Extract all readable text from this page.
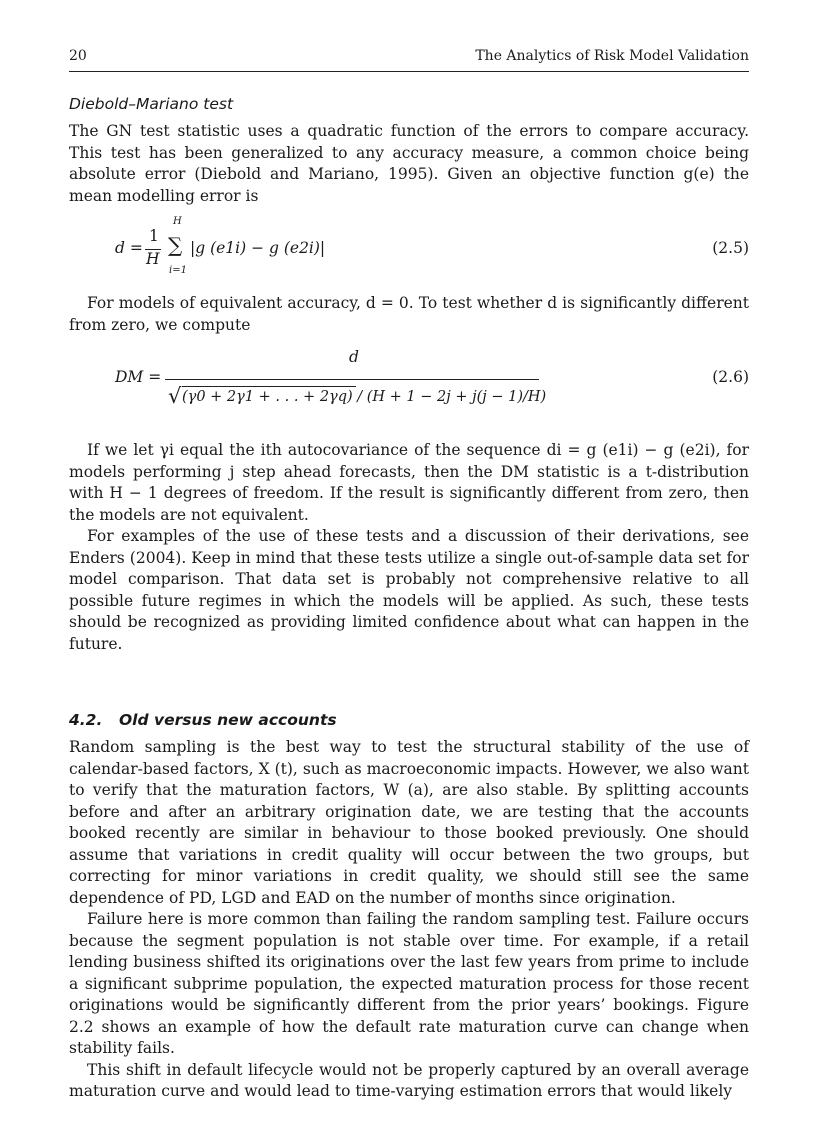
20	The Analytics of Risk Model Validation
Diebold–Mariano test

The GN test statistic uses a quadratic function of the errors to compare accuracy. This test has been generalized to any accuracy measure, a common choice being absolute error (Diebold and Mariano, 1995). Given an objective function g(e) the mean modelling error is

d =
1
H
H
∑
i=1
|g (e1i) − g (e2i)|	(2.5)

For models of equivalent accuracy, d = 0. To test whether d is significantly different from zero, we compute

DM =
d
√ (γ0 + 2γ1 + . . . + 2γq) / (H + 1 − 2j + j(j − 1)/H)
(2.6)

If we let γi equal the ith autocovariance of the sequence di = g (e1i) − g (e2i), for models performing j step ahead forecasts, then the DM statistic is a t-distribution with H − 1 degrees of freedom. If the result is significantly different from zero, then the models are not equivalent.

For examples of the use of these tests and a discussion of their derivations, see Enders (2004). Keep in mind that these tests utilize a single out-of-sample data set for model comparison. That data set is probably not comprehensive relative to all possible future regimes in which the models will be applied. As such, these tests should be recognized as providing limited confidence about what can happen in the future.

4.2. Old versus new accounts

Random sampling is the best way to test the structural stability of the use of calendar-based factors, X (t), such as macroeconomic impacts. However, we also want to verify that the maturation factors, W (a), are also stable. By splitting accounts before and after an arbitrary origination date, we are testing that the accounts booked recently are similar in behaviour to those booked previously. One should assume that variations in credit quality will occur between the two groups, but correcting for minor variations in credit quality, we should still see the same dependence of PD, LGD and EAD on the number of months since origination.

Failure here is more common than failing the random sampling test. Failure occurs because the segment population is not stable over time. For example, if a retail lending business shifted its originations over the last few years from prime to include a significant subprime population, the expected maturation process for those recent originations would be significantly different from the prior years’ bookings. Figure 2.2 shows an example of how the default rate maturation curve can change when stability fails.

This shift in default lifecycle would not be properly captured by an overall average maturation curve and would lead to time-varying estimation errors that would likely
